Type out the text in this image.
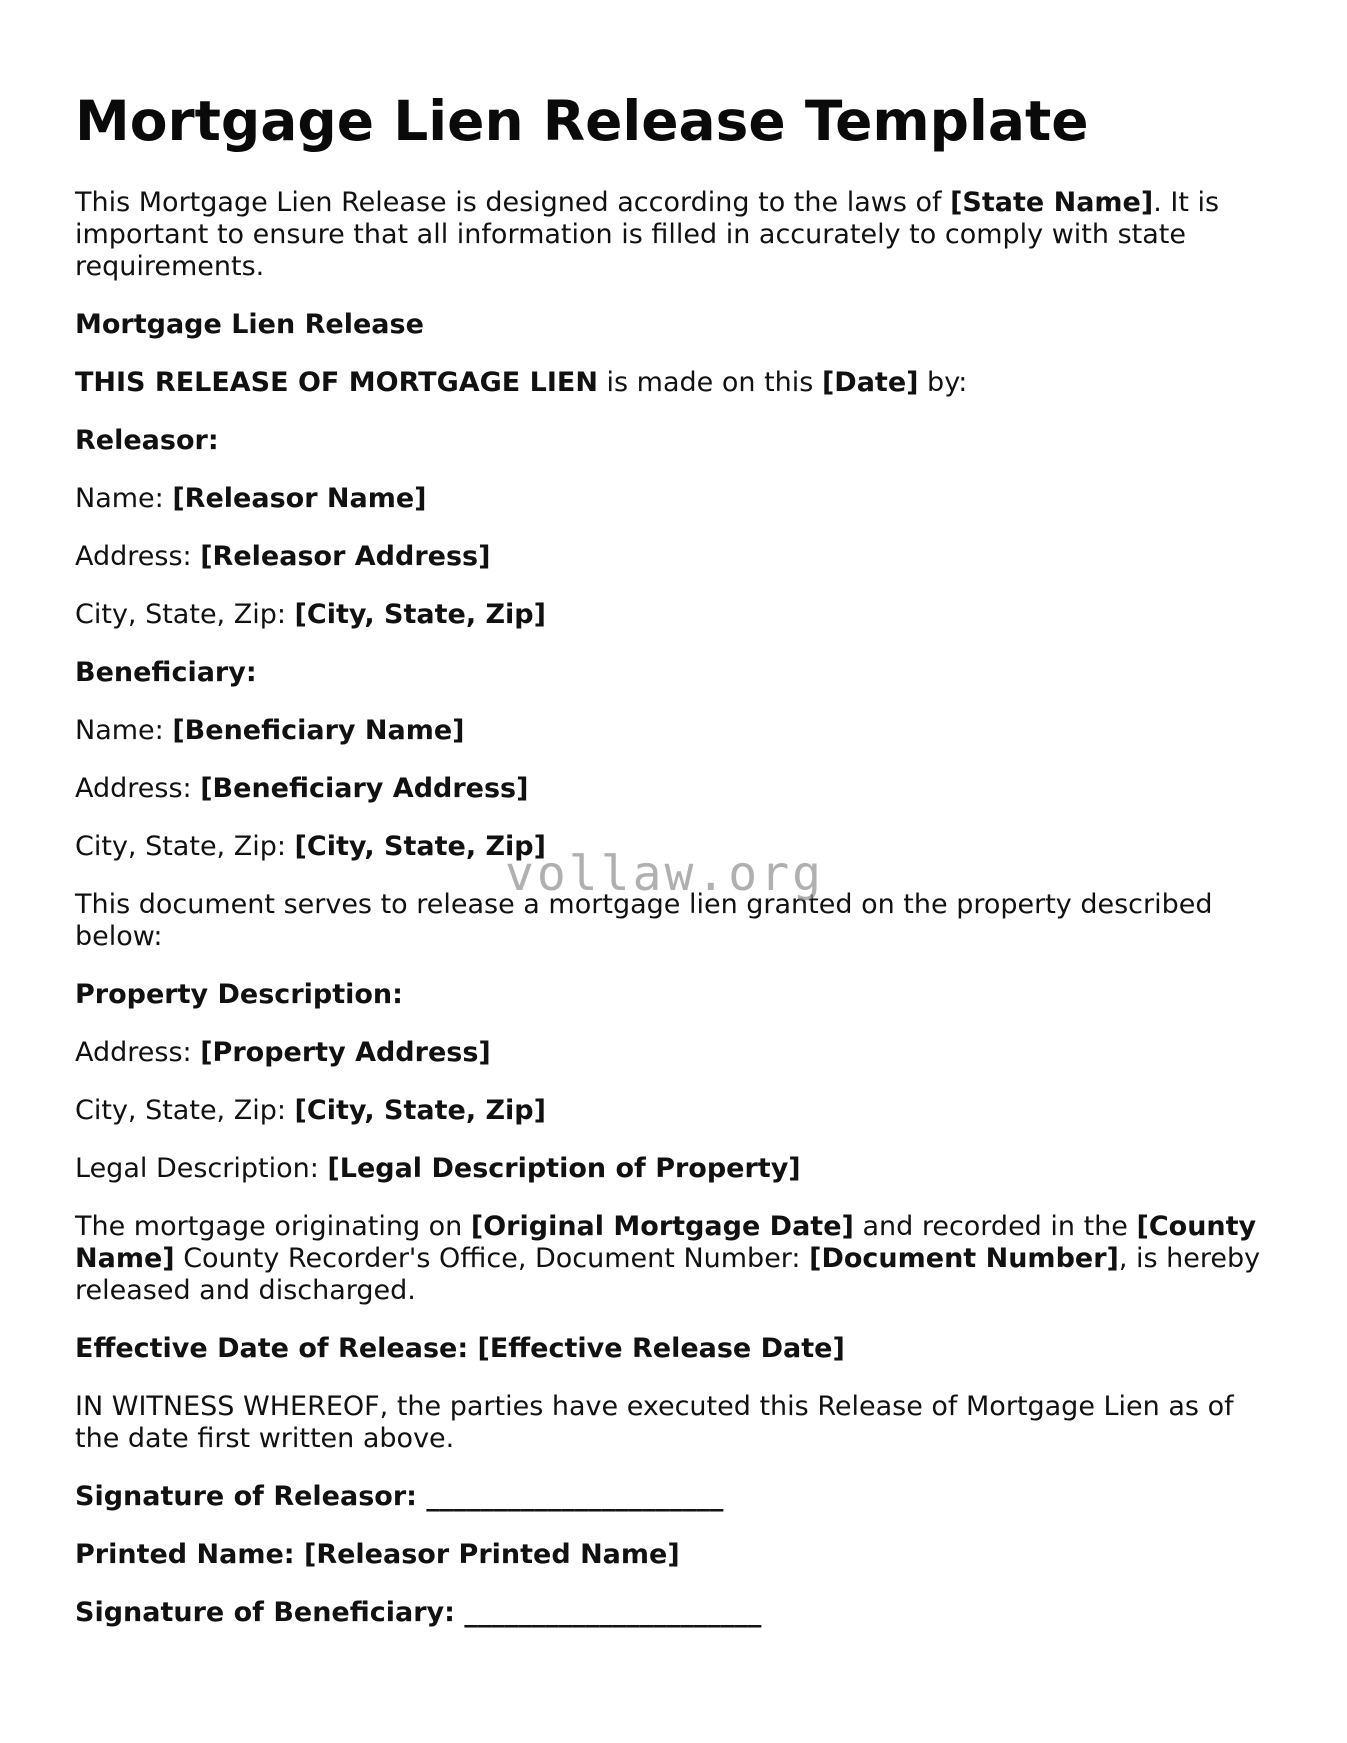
Mortgage Lien Release Template

This Mortgage Lien Release is designed according to the laws of [State Name]. It is important to ensure that all information is filled in accurately to comply with state requirements.

Mortgage Lien Release

THIS RELEASE OF MORTGAGE LIEN is made on this [Date] by:

Releasor:

Name: [Releasor Name]

Address: [Releasor Address]

City, State, Zip: [City, State, Zip]

Beneficiary:

Name: [Beneficiary Name]

Address: [Beneficiary Address]

City, State, Zip: [City, State, Zip]

This document serves to release a mortgage lien granted on the property described below:

Property Description:

Address: [Property Address]

City, State, Zip: [City, State, Zip]

Legal Description: [Legal Description of Property]

The mortgage originating on [Original Mortgage Date] and recorded in the [County Name] County Recorder's Office, Document Number: [Document Number], is hereby released and discharged.

Effective Date of Release: [Effective Release Date]

IN WITNESS WHEREOF, the parties have executed this Release of Mortgage Lien as of the date first written above.

Signature of Releasor: ______________________

Printed Name: [Releasor Printed Name]

Signature of Beneficiary: ______________________

vollaw.org
